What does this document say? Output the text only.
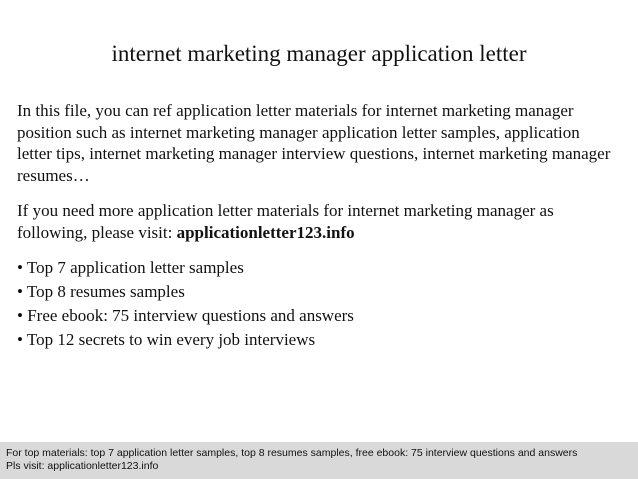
internet marketing manager application letter

In this file, you can ref application letter materials for internet marketing manager position such as internet marketing manager application letter samples, application letter tips, internet marketing manager interview questions, internet marketing manager resumes…

If you need more application letter materials for internet marketing manager as following, please visit: applicationletter123.info

• Top 7 application letter samples
• Top 8 resumes samples
• Free ebook: 75 interview questions and answers
• Top 12 secrets to win every job interviews
For top materials: top 7 application letter samples, top 8 resumes samples, free ebook: 75 interview questions and answers
Pls visit: applicationletter123.info
